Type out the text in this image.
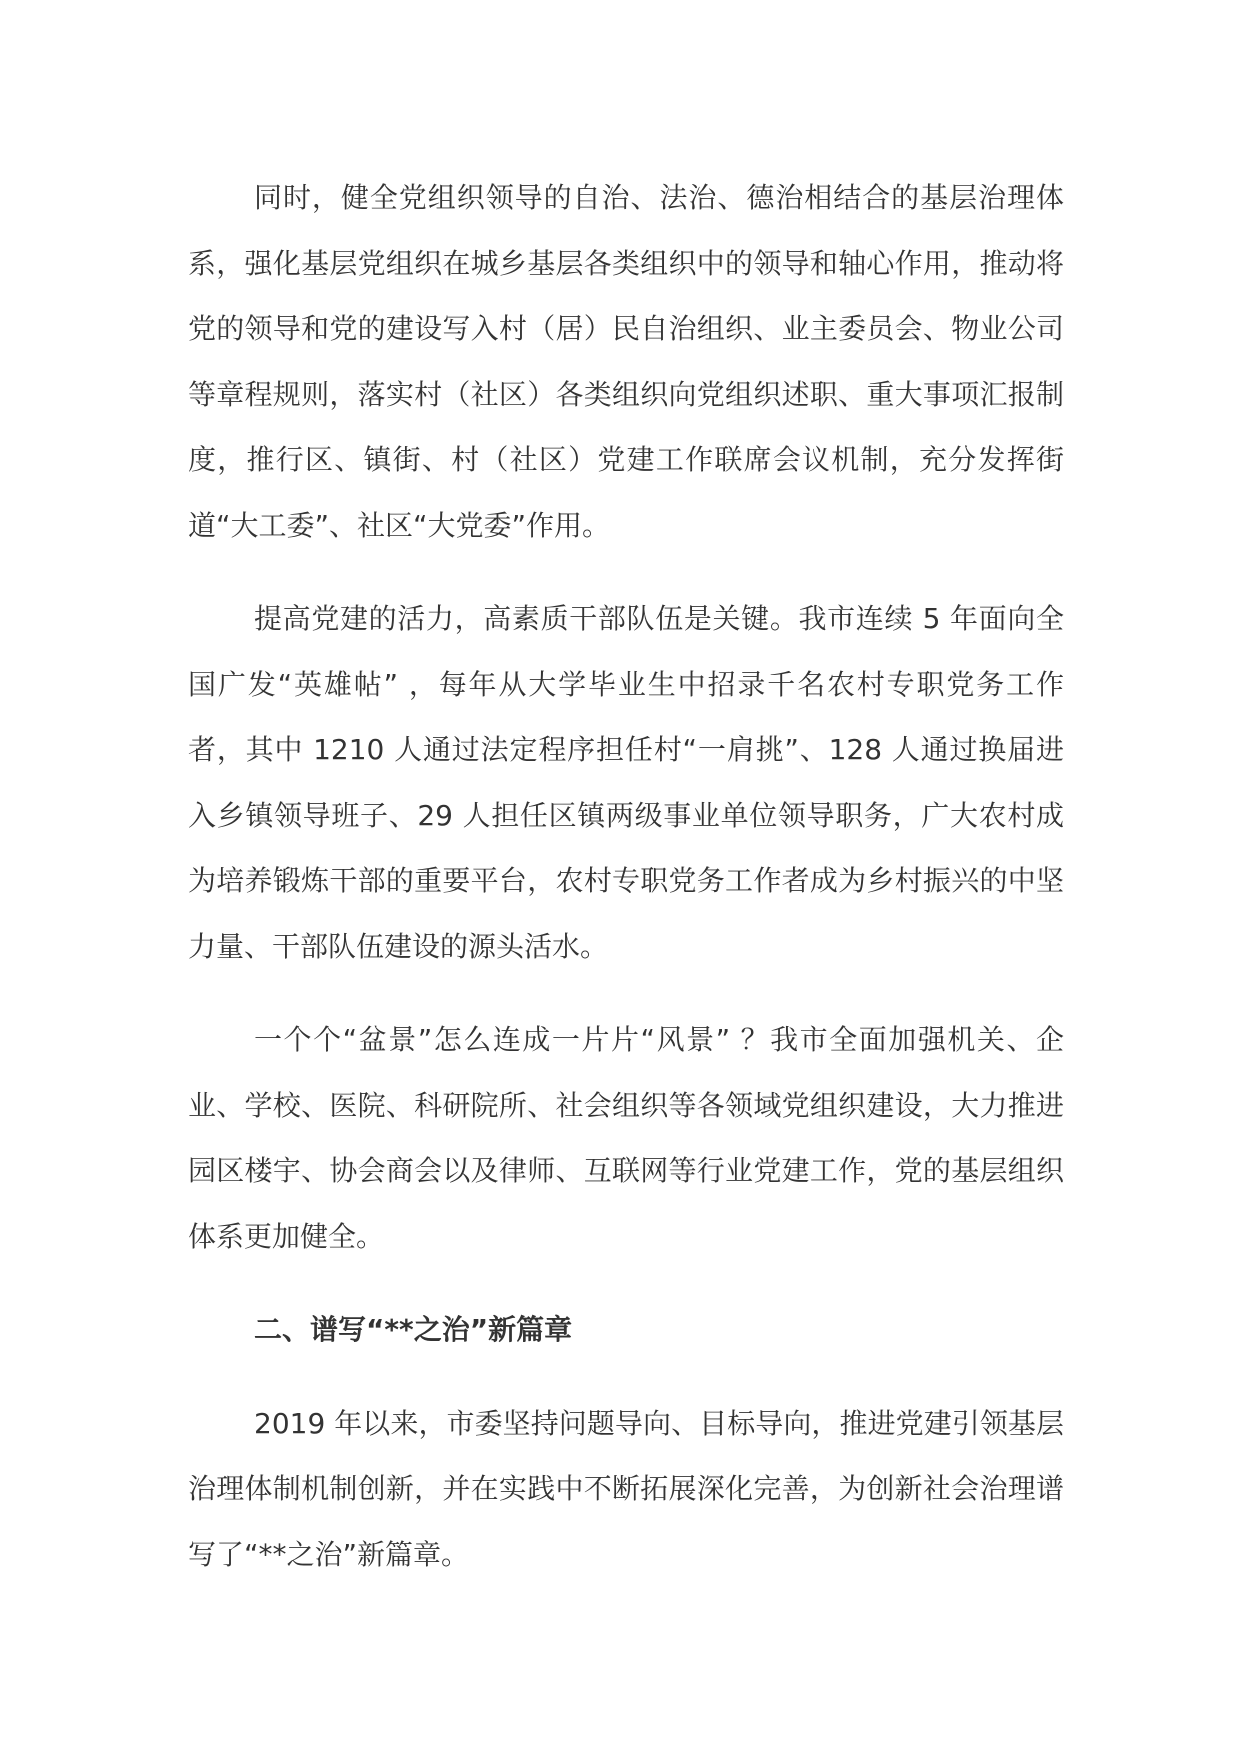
同时，健全党组织领导的自治、法治、德治相结合的基层治理体系，强化基层党组织在城乡基层各类组织中的领导和轴心作用，推动将党的领导和党的建设写入村（居）民自治组织、业主委员会、物业公司等章程规则，落实村（社区）各类组织向党组织述职、重大事项汇报制度，推行区、镇街、村（社区）党建工作联席会议机制，充分发挥街道“大工委”、社区“大党委”作用。

提高党建的活力，高素质干部队伍是关键。我市连续 5 年面向全国广发“英雄帖” ，每年从大学毕业生中招录千名农村专职党务工作者，其中 1210 人通过法定程序担任村“一肩挑”、128 人通过换届进入乡镇领导班子、29 人担任区镇两级事业单位领导职务，广大农村成为培养锻炼干部的重要平台，农村专职党务工作者成为乡村振兴的中坚力量、干部队伍建设的源头活水。

一个个“盆景”怎么连成一片片“风景” ？我市全面加强机关、企业、学校、医院、科研院所、社会组织等各领域党组织建设，大力推进园区楼宇、协会商会以及律师、互联网等行业党建工作，党的基层组织体系更加健全。

二、谱写“**之治”新篇章

2019 年以来，市委坚持问题导向、目标导向，推进党建引领基层治理体制机制创新，并在实践中不断拓展深化完善，为创新社会治理谱写了“**之治”新篇章。
